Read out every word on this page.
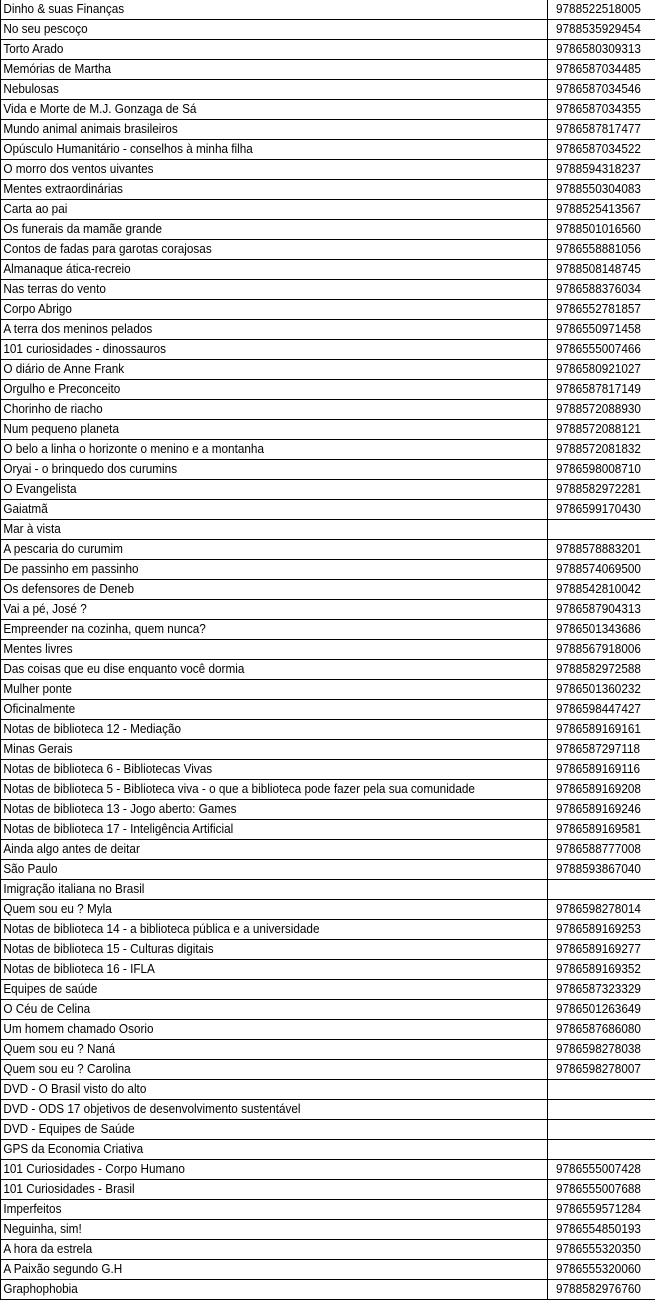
Dinho & suas Finanças	9788522518005
No seu pescoço	9788535929454
Torto Arado	9786580309313
Memórias de Martha	9786587034485
Nebulosas	9786587034546
Vida e Morte de M.J. Gonzaga de Sá	9786587034355
Mundo animal animais brasileiros	9786587817477
Opúsculo Humanitário - conselhos à minha filha	9786587034522
O morro dos ventos uivantes	9788594318237
Mentes extraordinárias	9788550304083
Carta ao pai	9788525413567
Os funerais da mamãe grande	9788501016560
Contos de fadas para garotas corajosas	9786558881056
Almanaque ática-recreio	9788508148745
Nas terras do vento	9786588376034
Corpo Abrigo	9786552781857
A terra dos meninos pelados	9786550971458
101 curiosidades - dinossauros	9786555007466
O diário de Anne Frank	9786580921027
Orgulho e Preconceito	9786587817149
Chorinho de riacho	9788572088930
Num pequeno planeta	9788572088121
O belo a linha o horizonte o menino e a montanha	9788572081832
Oryai - o brinquedo dos curumins	9786598008710
O Evangelista	9788582972281
Gaiatmã	9786599170430
Mar à vista	
A pescaria do curumim	9788578883201
De passinho em passinho	9788574069500
Os defensores de Deneb	9788542810042
Vai a pé, José ?	9786587904313
Empreender na cozinha, quem nunca?	9786501343686
Mentes livres	9788567918006
Das coisas que eu dise enquanto você dormia	9788582972588
Mulher ponte	9786501360232
Oficinalmente	9786598447427
Notas de biblioteca 12 - Mediação	9786589169161
Minas Gerais	9786587297118
Notas de biblioteca 6 - Bibliotecas Vivas	9786589169116
Notas de biblioteca 5 - Biblioteca viva - o que a biblioteca pode fazer pela sua comunidade	9786589169208
Notas de biblioteca 13 - Jogo aberto: Games	9786589169246
Notas de biblioteca 17 - Inteligência Artificial	9786589169581
Ainda algo antes de deitar	9786588777008
São Paulo	9788593867040
Imigração italiana no Brasil	
Quem sou eu ? Myla	9786598278014
Notas de biblioteca 14 - a biblioteca pública e a universidade	9786589169253
Notas de biblioteca 15 - Culturas digitais	9786589169277
Notas de biblioteca 16 - IFLA	9786589169352
Equipes de saúde	9786587323329
O Céu de Celina	9786501263649
Um homem chamado Osorio	9786587686080
Quem sou eu ? Naná	9786598278038
Quem sou eu ? Carolina	9786598278007
DVD - O Brasil visto do alto	
DVD - ODS 17 objetivos de desenvolvimento sustentável	
DVD - Equipes de Saúde	
GPS da Economia Criativa	
101 Curiosidades - Corpo Humano	9786555007428
101 Curiosidades - Brasil	9786555007688
Imperfeitos	9786559571284
Neguinha, sim!	9786554850193
A hora da estrela	9786555320350
A Paixão segundo G.H	9786555320060
Graphophobia	9788582976760
